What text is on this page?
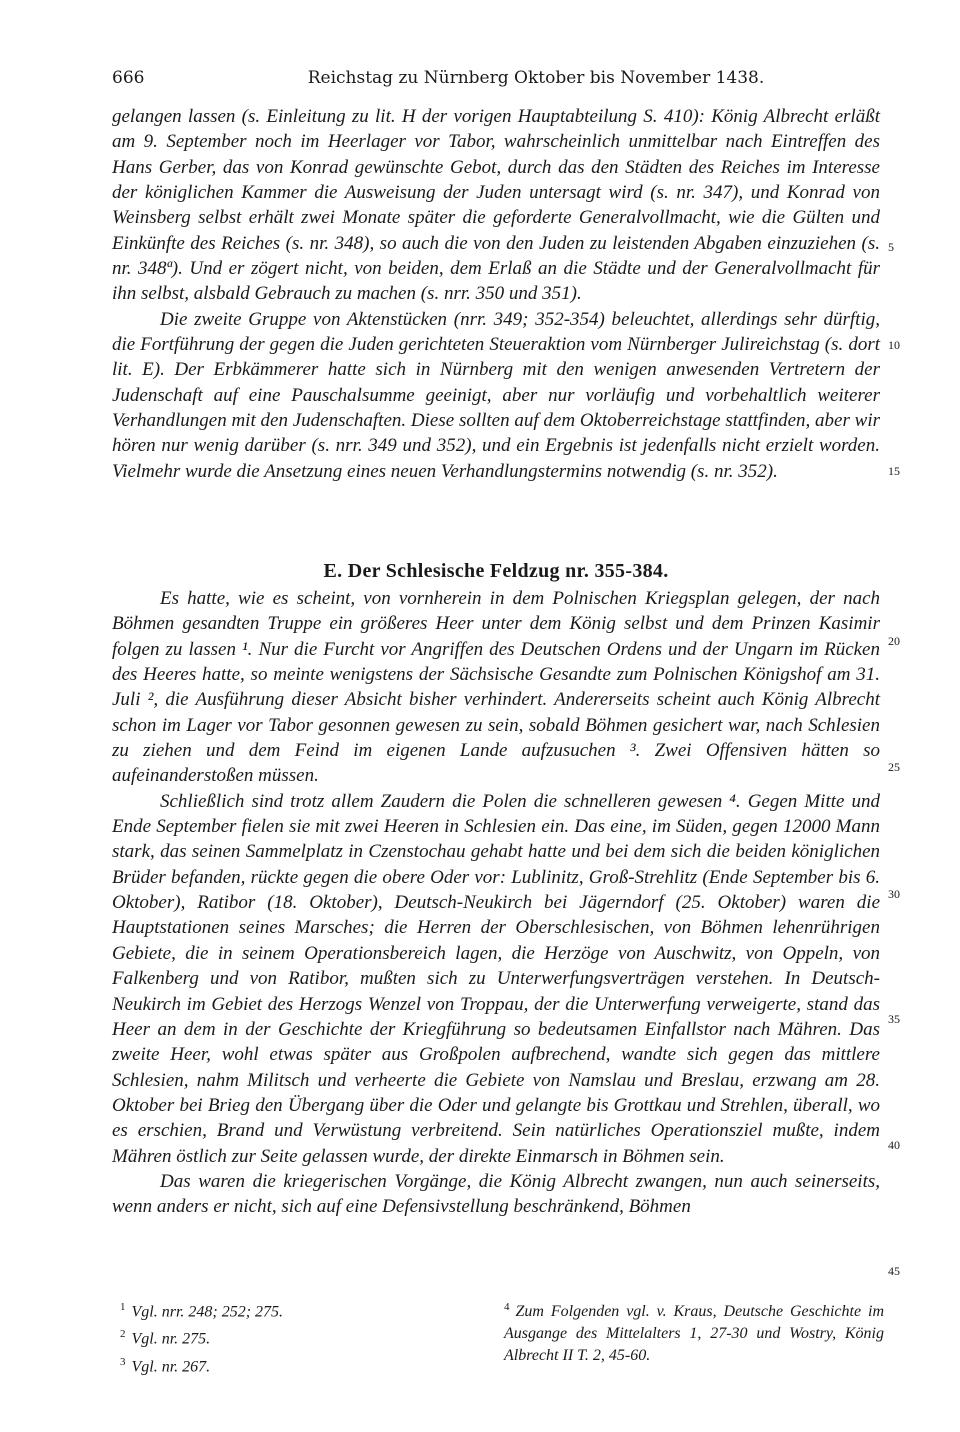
666	Reichstag zu Nürnberg Oktober bis November 1438.

gelangen lassen (s. Einleitung zu lit. H der vorigen Hauptabteilung S. 410): König Albrecht erläßt am 9. September noch im Heerlager vor Tabor, wahrscheinlich unmittelbar nach Eintreffen des Hans Gerber, das von Konrad gewünschte Gebot, durch das den Städten des Reiches im Interesse der königlichen Kammer die Ausweisung der Juden untersagt wird (s. nr. 347), und Konrad von Weinsberg selbst erhält zwei Monate später die geforderte Generalvollmacht, wie die Gülten und Einkünfte des Reiches (s. nr. 348), so auch die von den Juden zu leistenden Abgaben einzuziehen (s. nr. 348ª). Und er zögert nicht, von beiden, dem Erlaß an die Städte und der Generalvollmacht für ihn selbst, alsbald Gebrauch zu machen (s. nrr. 350 und 351).

Die zweite Gruppe von Aktenstücken (nrr. 349; 352-354) beleuchtet, allerdings sehr dürftig, die Fortführung der gegen die Juden gerichteten Steueraktion vom Nürnberger Julireichstag (s. dort lit. E). Der Erbkämmerer hatte sich in Nürnberg mit den wenigen anwesenden Vertretern der Judenschaft auf eine Pauschalsumme geeinigt, aber nur vorläufig und vorbehaltlich weiterer Verhandlungen mit den Judenschaften. Diese sollten auf dem Oktoberreichstage stattfinden, aber wir hören nur wenig darüber (s. nrr. 349 und 352), und ein Ergebnis ist jedenfalls nicht erzielt worden. Vielmehr wurde die Ansetzung eines neuen Verhandlungstermins notwendig (s. nr. 352).

E. Der Schlesische Feldzug nr. 355-384.

Es hatte, wie es scheint, von vornherein in dem Polnischen Kriegsplan gelegen, der nach Böhmen gesandten Truppe ein größeres Heer unter dem König selbst und dem Prinzen Kasimir folgen zu lassen ¹. Nur die Furcht vor Angriffen des Deutschen Ordens und der Ungarn im Rücken des Heeres hatte, so meinte wenigstens der Sächsische Gesandte zum Polnischen Königshof am 31. Juli ², die Ausführung dieser Absicht bisher verhindert. Andererseits scheint auch König Albrecht schon im Lager vor Tabor gesonnen gewesen zu sein, sobald Böhmen gesichert war, nach Schlesien zu ziehen und dem Feind im eigenen Lande aufzusuchen ³. Zwei Offensiven hätten so aufeinanderstoßen müssen.

Schließlich sind trotz allem Zaudern die Polen die schnelleren gewesen ⁴. Gegen Mitte und Ende September fielen sie mit zwei Heeren in Schlesien ein. Das eine, im Süden, gegen 12000 Mann stark, das seinen Sammelplatz in Czenstochau gehabt hatte und bei dem sich die beiden königlichen Brüder befanden, rückte gegen die obere Oder vor: Lublinitz, Groß-Strehlitz (Ende September bis 6. Oktober), Ratibor (18. Oktober), Deutsch-Neukirch bei Jägerndorf (25. Oktober) waren die Hauptstationen seines Marsches; die Herren der Oberschlesischen, von Böhmen lehenrührigen Gebiete, die in seinem Operationsbereich lagen, die Herzöge von Auschwitz, von Oppeln, von Falkenberg und von Ratibor, mußten sich zu Unterwerfungsverträgen verstehen. In Deutsch-Neukirch im Gebiet des Herzogs Wenzel von Troppau, der die Unterwerfung verweigerte, stand das Heer an dem in der Geschichte der Kriegführung so bedeutsamen Einfallstor nach Mähren. Das zweite Heer, wohl etwas später aus Großpolen aufbrechend, wandte sich gegen das mittlere Schlesien, nahm Militsch und verheerte die Gebiete von Namslau und Breslau, erzwang am 28. Oktober bei Brieg den Übergang über die Oder und gelangte bis Grottkau und Strehlen, überall, wo es erschien, Brand und Verwüstung verbreitend. Sein natürliches Operationsziel mußte, indem Mähren östlich zur Seite gelassen wurde, der direkte Einmarsch in Böhmen sein.

Das waren die kriegerischen Vorgänge, die König Albrecht zwangen, nun auch seinerseits, wenn anders er nicht, sich auf eine Defensivstellung beschränkend, Böhmen

5
10
15
20
25
30
35
40
45
$^1$ Vgl. nrr. 248; 252; 275.
$^2$ Vgl. nr. 275.
$^3$ Vgl. nr. 267.
$^4$ Zum Folgenden vgl. v. Kraus, Deutsche Geschichte im Ausgange des Mittelalters 1, 27-30 und Wostry, König Albrecht II T. 2, 45-60.
